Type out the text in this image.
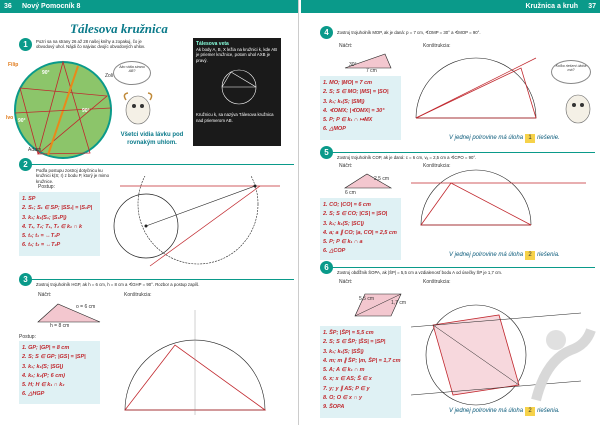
36	Nový Pomocník 8
Tálesova kružnica
1	Pozri sa na strany 26 až 28 našej knihy a zopakuj, čo je obvodový uhol. Nájdi čo najviac dvojíc obvodových uhlov.
Filip
Zoli
Ivo
Adam
90°
90°
90°
Ako vidia stranu AB?
Všetci vidia lávku pod rovnakým uhlom.
Tálesova veta
Ak body A, B, X ležia na kružnici k, kde AB je priemer kružnice, potom uhol AXB je pravý.
Kružnicu k, sa nazýva Tálesova kružnica nad priemerom AB.
2
Podľa postupu zostroj dotyčnicu ku kružnici k(S; r) z bodu P, ktorý je mimo kružnice.
Postup:
1. SP
2. S₁; S₁ ∈ SP; |SS₁| = |S₁P|
3. k₁; k₁(S₁; |S₁P|)
4. T₁, T₂; T₁, T₂ ∈ k₁ ∩ k
5. t₁; t₁ = ↔T₁P
6. t₂; t₂ = ↔T₂P
3
Zostroj trojuholník HGP, ak h = 6 cm, h = 8 cm a ∢GHP = 90°. Rozbor a postup zapíš.
Náčrt:	Konštrukcia:
o = 6 cm
h = 8 cm
Postup:
1. GP; |GP| = 8 cm
2. S; S ∈ GP; |GS| = |SP|
3. k₁; k₁(S; |SG|)
4. k₂; k₂(P; 6 cm)
5. H; H ∈ k₁ ∩ k₂
6. △HGP
Kružnica a kruh	37
4	Zostroj trojuholník MOP, ak je daná: p = 7 cm, ∢OMP = 30° a ∢MOP = 90°.
Náčrt:	Konštrukcia:
30°
7 cm
1. MO; |MO| = 7 cm
2. S; S ∈ MO; |MS| = |SO|
3. k₁; k₁(S; |SM|)
4. ∢OMX; |∢OMX| = 30°
5. P; P ∈ k₁ ∩ ↦MX
6. △MOP
Koľko riešení úloha má?
V jednej polrovine má úloha 1 riešenie.
5
Zostroj trojuholník COP, ak je daná: c = 6 cm, vₐ = 2,5 cm a ∢CPO = 90°.
Náčrt:	Konštrukcia:
2,5 cm
6 cm
1. CO; |CO| = 6 cm
2. S; S ∈ CO; |CS| = |SO|
3. k₁; k₁(S; |SC|)
4. a; a ∥ CO; |a, CO| = 2,5 cm
5. P; P ∈ k₁ ∩ a
6. △COP
V jednej polrovine má úloha 2 riešenia.
6
Zostroj obdĺžnik ŠOPA, ak |ŠP| = 5,5 cm a vzdialenosť bodu A od úsečky ŠP je 1,7 cm.
Náčrt:	Konštrukcia:
5,5 cm
1,7 cm
1. ŠP; |ŠP| = 5,5 cm
2. S; S ∈ ŠP; |ŠS| = |SP|
3. k₁; k₁(S; |SŠ|)
4. m; m ∥ ŠP; |m, ŠP| = 1,7 cm
5. A; A ∈ k₁ ∩ m
6. x; x ∈ AS; Š ∈ x
7. y; y ∥ AS; P ∈ y
8. O; O ∈ x ∩ y
9. ŠOPA
V jednej polrovine má úloha 2 riešenia.
